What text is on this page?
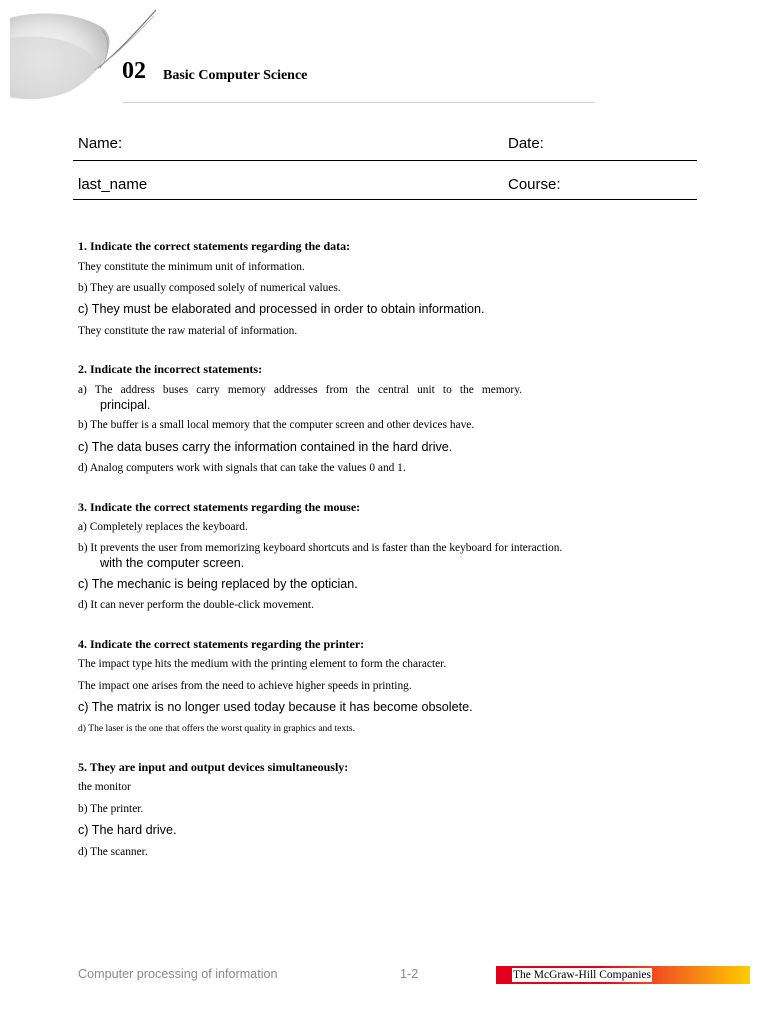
02 Basic Computer Science
Name:	Date:
last_name	Course:
1. Indicate the correct statements regarding the data:
They constitute the minimum unit of information.
b) They are usually composed solely of numerical values.
c) They must be elaborated and processed in order to obtain information.
They constitute the raw material of information.
2. Indicate the incorrect statements:
a) The address buses carry memory addresses from the central unit to the memory.
principal.
b) The buffer is a small local memory that the computer screen and other devices have.
c) The data buses carry the information contained in the hard drive.
d) Analog computers work with signals that can take the values 0 and 1.
3. Indicate the correct statements regarding the mouse:
a) Completely replaces the keyboard.
b) It prevents the user from memorizing keyboard shortcuts and is faster than the keyboard for interaction.
with the computer screen.
c) The mechanic is being replaced by the optician.
d) It can never perform the double-click movement.
4. Indicate the correct statements regarding the printer:
The impact type hits the medium with the printing element to form the character.
The impact one arises from the need to achieve higher speeds in printing.
c) The matrix is no longer used today because it has become obsolete.
d) The laser is the one that offers the worst quality in graphics and texts.
5. They are input and output devices simultaneously:
the monitor
b) The printer.
c) The hard drive.
d) The scanner.
Computer processing of information	1-2	The McGraw-Hill Companies
